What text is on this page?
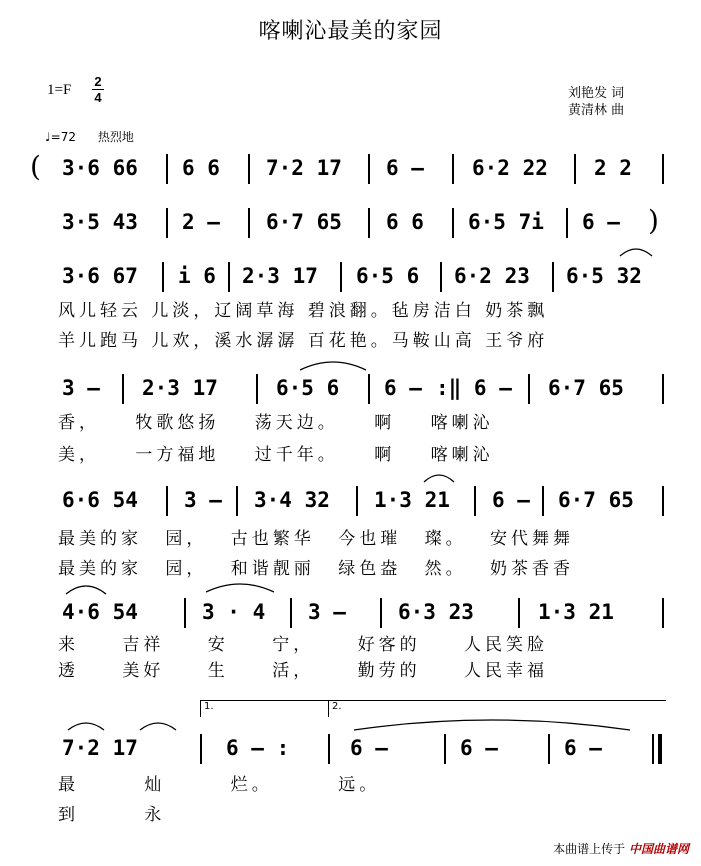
喀喇沁最美的家园
1=F
2
4	刘艳发 词
黄清林 曲
♩=72 热烈地
( 3·6 66 6 6 7·2 17 6 – 6·2 22 2 2
3·5 43 2 – 6·7 65 6 6 6·5 7i 6 – )
3·6 67 i 6 2·3 17 6·5 6 6·2 23 6·5 32
风儿轻云 儿淡，辽阔草海 碧浪翻。毡房洁白 奶茶飘
羊儿跑马 儿欢，溪水潺潺 百花艳。马鞍山高 王爷府
3 – 2·3 17	6·5 6 6 – :‖ 6 – 6·7 65
香， 牧歌悠扬 荡天边。 啊 喀喇沁
美， 一方福地 过千年。 啊 喀喇沁
6·6 54 3 – 3·4 32 1·3 21 6 – 6·7 65
最美的家 园， 古也繁华 今也璀 璨。 安代舞舞
最美的家 园， 和谐靓丽 绿色盎 然。 奶茶香香
4·6 54	3 · 4 3 – 6·3 23	1·3 21
来 吉祥 安 宁， 好客的 人民笑脸
透 美好 生 活， 勤劳的 人民幸福
1.	2.
7·2 17	6 – :	6 –	6 –	6 –
最 灿 烂。 远。
到 永
本曲谱上传于 中国曲谱网
